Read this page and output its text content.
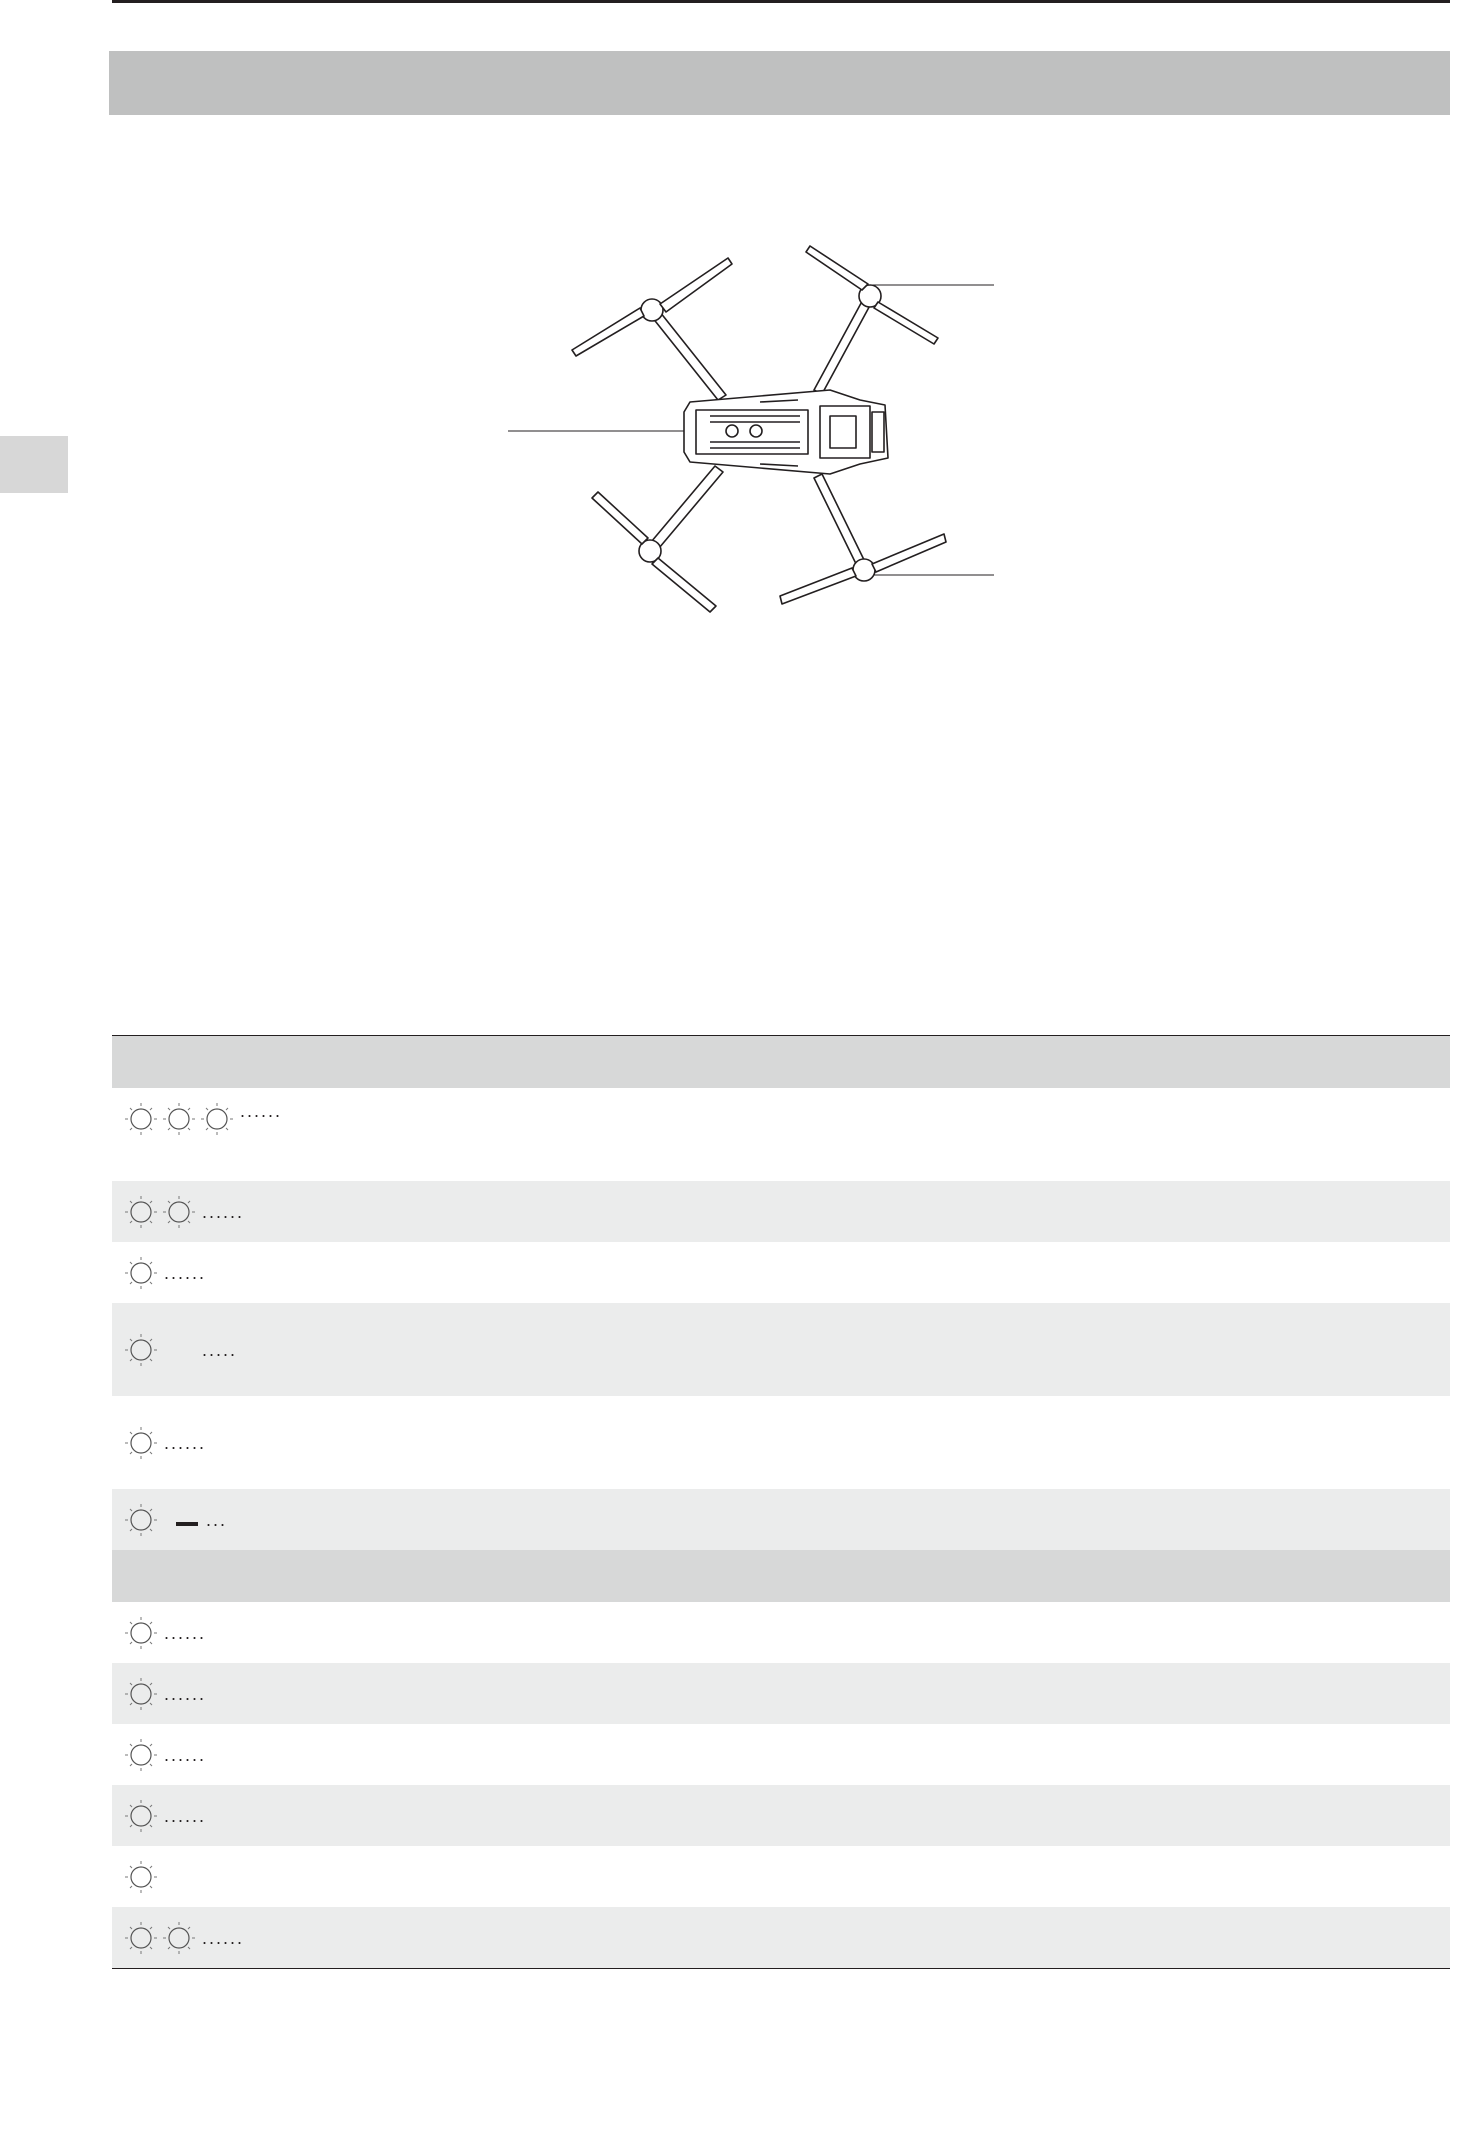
......
......
......
.....
......
...
......
......
......
......
......
